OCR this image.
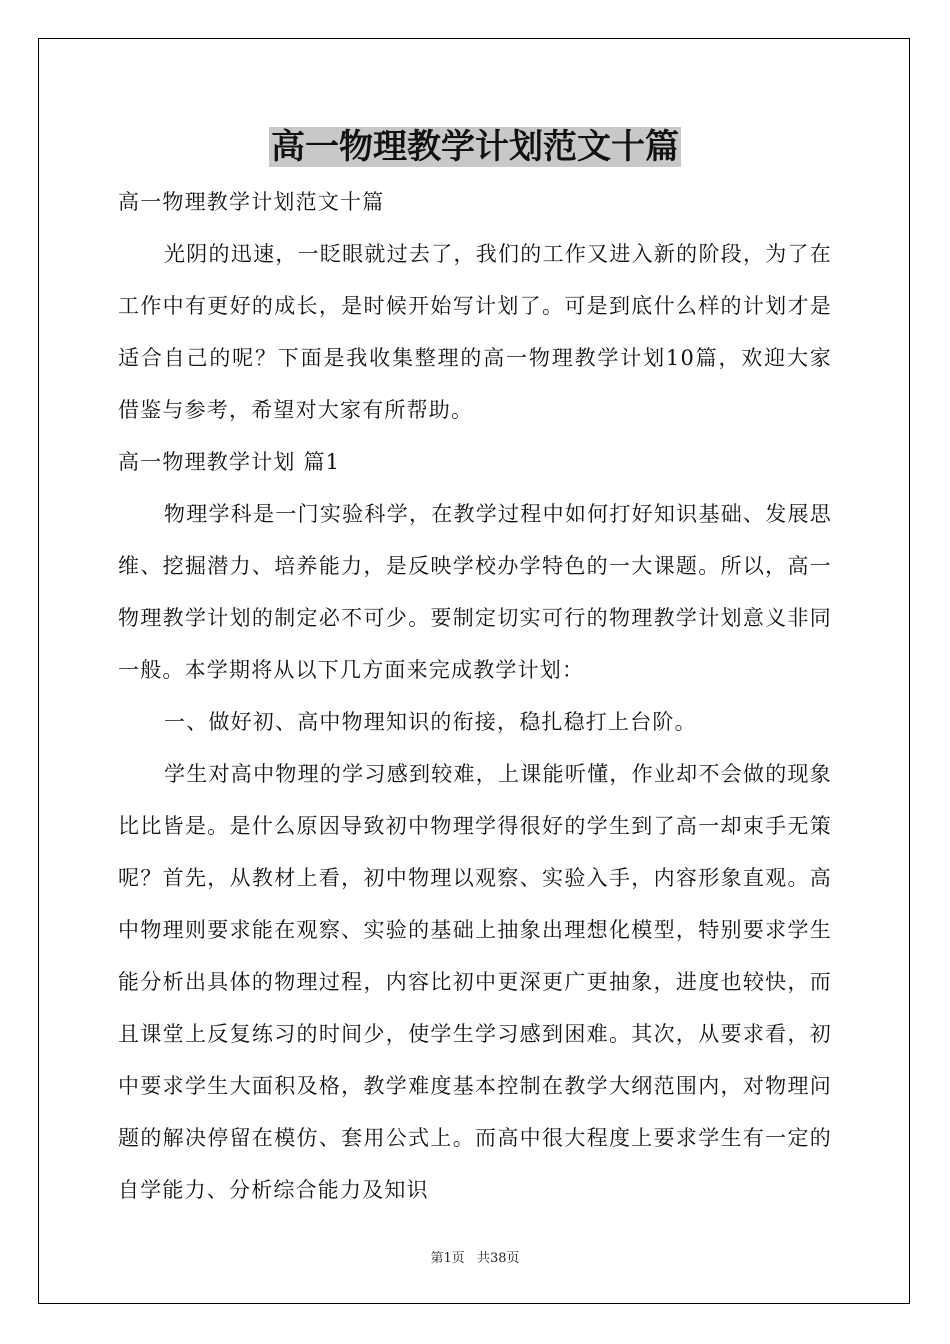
高一物理教学计划范文十篇

高一物理教学计划范文十篇

光阴的迅速，一眨眼就过去了，我们的工作又进入新的阶段，为了在工作中有更好的成长，是时候开始写计划了。可是到底什么样的计划才是适合自己的呢？下面是我收集整理的高一物理教学计划10篇，欢迎大家借鉴与参考，希望对大家有所帮助。

高一物理教学计划 篇1

物理学科是一门实验科学，在教学过程中如何打好知识基础、发展思维、挖掘潜力、培养能力，是反映学校办学特色的一大课题。所以，高一物理教学计划的制定必不可少。要制定切实可行的物理教学计划意义非同一般。本学期将从以下几方面来完成教学计划：

一、做好初、高中物理知识的衔接，稳扎稳打上台阶。

学生对高中物理的学习感到较难，上课能听懂，作业却不会做的现象比比皆是。是什么原因导致初中物理学得很好的学生到了高一却束手无策呢？首先，从教材上看，初中物理以观察、实验入手，内容形象直观。高中物理则要求能在观察、实验的基础上抽象出理想化模型，特别要求学生能分析出具体的物理过程，内容比初中更深更广更抽象，进度也较快，而且课堂上反复练习的时间少，使学生学习感到困难。其次，从要求看，初中要求学生大面积及格，教学难度基本控制在教学大纲范围内，对物理问题的解决停留在模仿、套用公式上。而高中很大程度上要求学生有一定的自学能力、分析综合能力及知识

第1页 共38页
